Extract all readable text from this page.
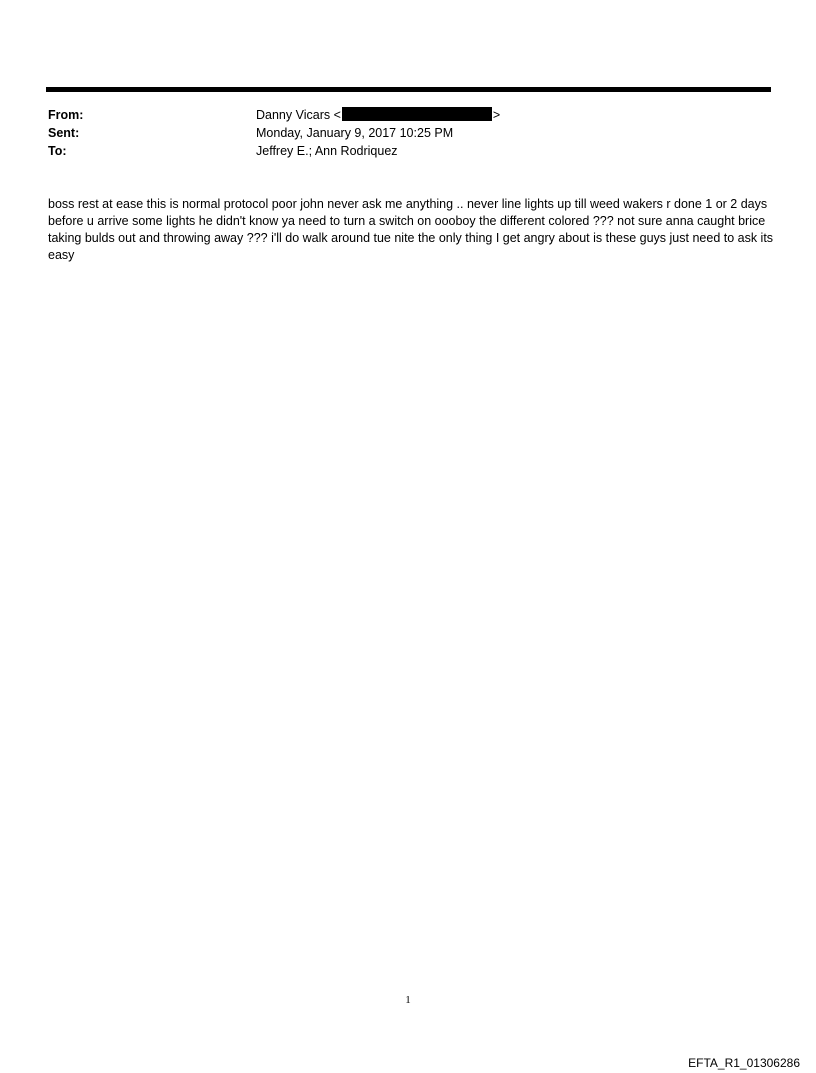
From:	Danny Vicars <	>
Sent:	Monday, January 9, 2017 10:25 PM
To:	Jeffrey E.; Ann Rodriquez
boss rest at ease this is normal protocol poor john never ask me anything .. never line lights up till weed wakers r done 1 or 2 days before u arrive some lights he didn't know ya need to turn a switch on oooboy the different colored ??? not sure anna caught brice taking bulds out and throwing away ??? i'll do walk around tue nite the only thing I get angry about is these guys just need to ask its easy
1
EFTA_R1_01306286
